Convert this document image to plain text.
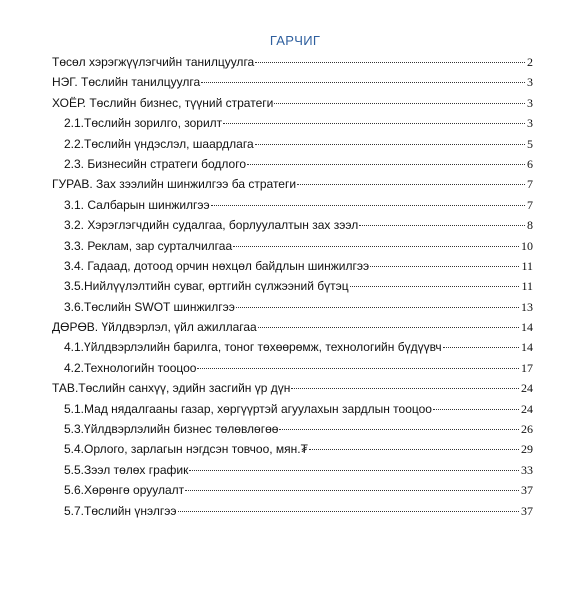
ГАРЧИГ
Төсөл хэрэгжүүлэгчийн танилцуулга	2
НЭГ. Төслийн танилцуулга	3
ХОЁР. Төслийн бизнес, түүний стратеги	3
2.1.Төслийн зорилго, зорилт	3
2.2.Төслийн үндэслэл, шаардлага	5
2.3. Бизнесийн стратеги бодлого	6
ГУРАВ. Зах зээлийн шинжилгээ ба стратеги	7
3.1. Салбарын шинжилгээ	7
3.2. Хэрэглэгчдийн судалгаа, борлуулалтын зах зээл	8
3.3. Реклам, зар сурталчилгаа	10
3.4. Гадаад, дотоод орчин нөхцөл байдлын шинжилгээ	11
3.5.Нийлүүлэлтийн суваг, өртгийн сүлжээний бүтэц	11
3.6.Төслийн SWOT шинжилгээ	13
ДӨРӨВ. Үйлдвэрлэл, үйл ажиллагаа	14
4.1.Үйлдвэрлэлийн барилга, тоног төхөөрөмж, технологийн бүдүүвч	14
4.2.Технологийн тооцоо	17
ТАВ.Төслийн санхүү, эдийн засгийн үр дүн	24
5.1.Мад нядалгааны газар, хөргүүртэй агуулахын зардлын тооцоо	24
5.3.Үйлдвэрлэлийн бизнес төлөвлөгөө	26
5.4.Орлого, зарлагын нэгдсэн товчоо, мян.₮	29
5.5.Зээл төлөх график	33
5.6.Хөрөнгө оруулалт	37
5.7.Төслийн үнэлгээ	37
